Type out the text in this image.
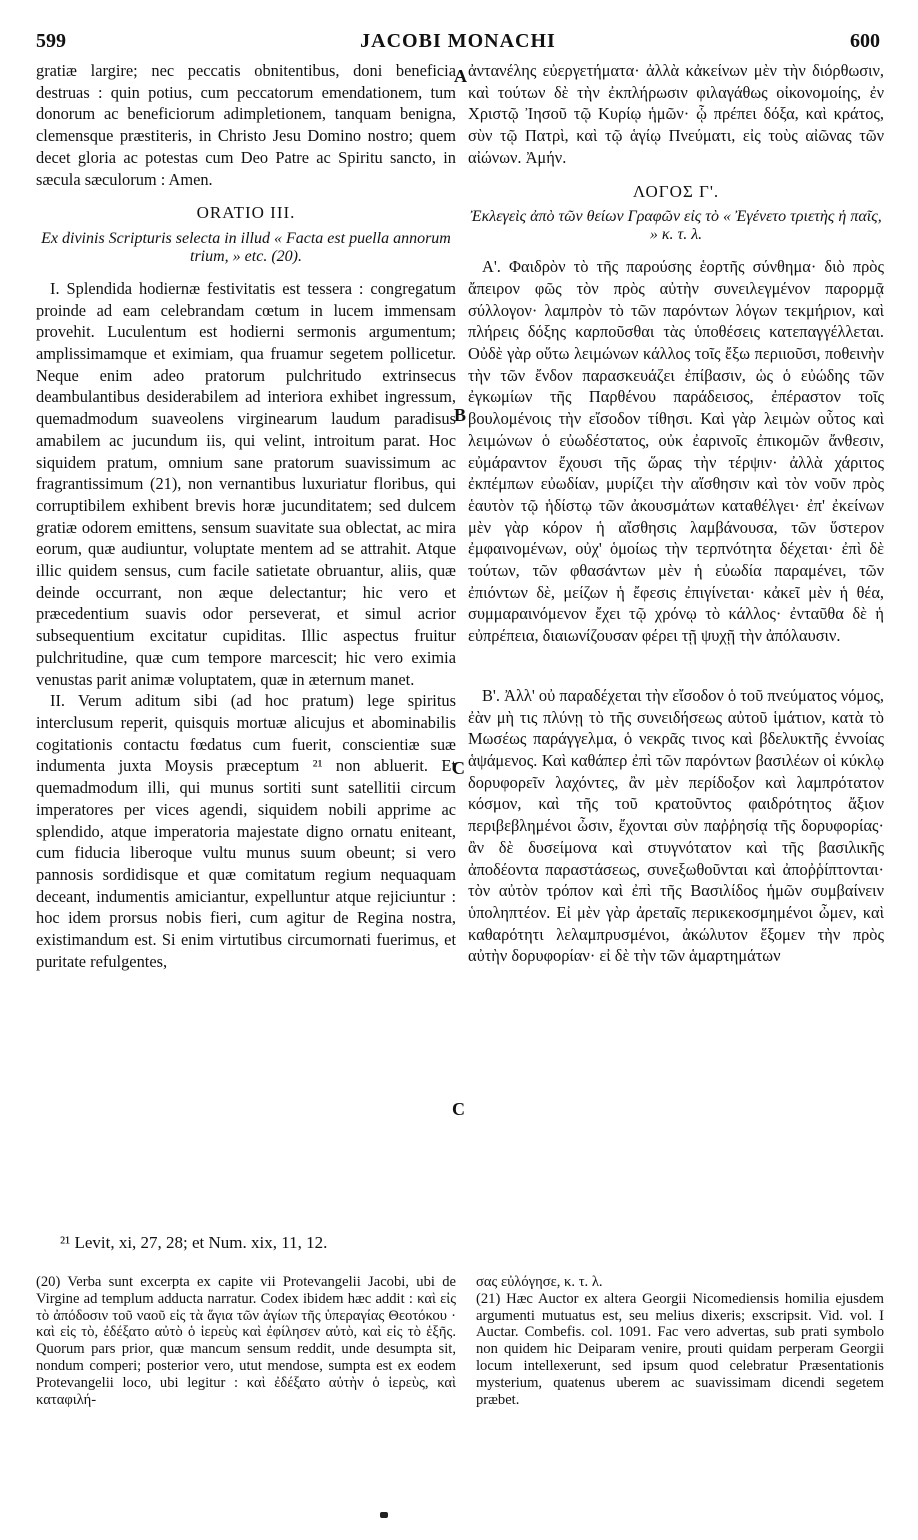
599	JACOBI MONACHI	600

gratiæ largire; nec peccatis obnitentibus, doni beneficia destruas : quin potius, cum peccatorum emendationem, tum donorum ac beneficiorum adimpletionem, tanquam benigna, clemensque præstiteris, in Christo Jesu Domino nostro; quem decet gloria ac potestas cum Deo Patre ac Spiritu sancto, in sæcula sæculorum : Amen.

ORATIO III.
Ex divinis Scripturis selecta in illud « Facta est puella annorum trium, » etc. (20).

I. Splendida hodiernæ festivitatis est tessera : congregatum proinde ad eam celebrandam cœtum in lucem immensam provehit. Luculentum est hodierni sermonis argumentum; amplissimamque et eximiam, qua fruamur segetem pollicetur. Neque enim adeo pratorum pulchritudo extrinsecus deambulantibus desiderabilem ad interiora exhibet ingressum, quemadmodum suaveolens virginearum laudum paradisus amabilem ac jucundum iis, qui velint, introitum parat. Hoc siquidem pratum, omnium sane pratorum suavissimum ac fragrantissimum (21), non vernantibus luxuriatur floribus, qui corruptibilem exhibent brevis horæ jucunditatem; sed dulcem gratiæ odorem emittens, sensum suavitate sua oblectat, ac mira eorum, quæ audiuntur, voluptate mentem ad se attrahit. Atque illic quidem sensus, cum facile satietate obruantur, aliis, quæ deinde occurrant, non æque delectantur; hic vero et præcedentium suavis odor perseverat, et simul acrior subsequentium excitatur cupiditas. Illic aspectus fruitur pulchritudine, quæ cum tempore marcescit; hic vero eximia venustas parit animæ voluptatem, quæ in æternum manet.

II. Verum aditum sibi (ad hoc pratum) lege spiritus interclusum reperit, quisquis mortuæ alicujus et abominabilis cogitationis contactu fœdatus cum fuerit, conscientiæ suæ indumenta juxta Moysis præceptum ²¹ non abluerit. Et quemadmodum illi, qui munus sortiti sunt satellitii circum imperatores per vices agendi, siquidem nobili apprime ac splendido, atque imperatoria majestate digno ornatu eniteant, cum fiducia liberoque vultu munus suum obeunt; si vero pannosis sordidisque et quæ comitatum regium nequaquam deceant, indumentis amiciantur, expelluntur atque rejiciuntur : hoc idem prorsus nobis fieri, cum agitur de Regina nostra, existimandum est. Si enim virtutibus circumornati fuerimus, et puritate refulgentes,

ἀντανέλης εὐεργετήματα· ἀλλὰ κἀκείνων μὲν τὴν διόρθωσιν, καὶ τούτων δὲ τὴν ἐκπλήρωσιν φιλαγάθως οἰκονομοίης, ἐν Χριστῷ Ἰησοῦ τῷ Κυρίῳ ἡμῶν· ᾧ πρέπει δόξα, καὶ κράτος, σὺν τῷ Πατρὶ, καὶ τῷ ἁγίῳ Πνεύματι, εἰς τοὺς αἰῶνας τῶν αἰώνων. Ἀμήν.

ΛΟΓΟΣ Γ'.
Ἐκλεγεὶς ἀπὸ τῶν θείων Γραφῶν εἰς τὸ « Ἐγένετο τριετὴς ἡ παῖς, » κ. τ. λ.

Α'. Φαιδρὸν τὸ τῆς παρούσης ἑορτῆς σύνθημα· διὸ πρὸς ἄπειρον φῶς τὸν πρὸς αὐτὴν συνειλεγμένον παρορμᾷ σύλλογον· λαμπρὸν τὸ τῶν παρόντων λόγων τεκμήριον, καὶ πλήρεις δόξης καρποῦσθαι τὰς ὑποθέσεις κατεπαγγέλλεται. Οὐδὲ γὰρ οὕτω λειμώνων κάλλος τοῖς ἔξω περιιοῦσι, ποθεινὴν τὴν τῶν ἔνδον παρασκευάζει ἐπίβασιν, ὡς ὁ εὐώδης τῶν ἐγκωμίων τῆς Παρθένου παράδεισος, ἐπέραστον τοῖς βουλομένοις τὴν εἴσοδον τίθησι. Καὶ γὰρ λειμὼν οὗτος καὶ λειμώνων ὁ εὐωδέστατος, οὐκ ἐαρινοῖς ἐπικομῶν ἄνθεσιν, εὐμάραντον ἔχουσι τῆς ὥρας τὴν τέρψιν· ἀλλὰ χάριτος ἐκπέμπων εὐωδίαν, μυρίζει τὴν αἴσθησιν καὶ τὸν νοῦν πρὸς ἑαυτὸν τῷ ἡδίστῳ τῶν ἀκουσμάτων καταθέλγει· ἐπ' ἐκείνων μὲν γὰρ κόρον ἡ αἴσθησις λαμβάνουσα, τῶν ὕστερον ἐμφαινομένων, οὐχ' ὁμοίως τὴν τερπνότητα δέχεται· ἐπὶ δὲ τούτων, τῶν φθασάντων μὲν ἡ εὐωδία παραμένει, τῶν ἐπιόντων δὲ, μείζων ἡ ἔφεσις ἐπιγίνεται· κἀκεῖ μὲν ἡ θέα, συμμαραινόμενον ἔχει τῷ χρόνῳ τὸ κάλλος· ἐνταῦθα δὲ ἡ εὐπρέπεια, διαιωνίζουσαν φέρει τῇ ψυχῇ τὴν ἀπόλαυσιν.

Β'. Ἀλλ' οὐ παραδέχεται τὴν εἴσοδον ὁ τοῦ πνεύματος νόμος, ἐὰν μὴ τις πλύνῃ τὸ τῆς συνειδήσεως αὐτοῦ ἱμάτιον, κατὰ τὸ Μωσέως παράγγελμα, ὁ νεκρᾶς τινος καὶ βδελυκτῆς ἐννοίας ἁψάμενος. Καὶ καθάπερ ἐπὶ τῶν παρόντων βασιλέων οἱ κύκλῳ δορυφορεῖν λαχόντες, ἂν μὲν περίδοξον καὶ λαμπρότατον κόσμον, καὶ τῆς τοῦ κρατοῦντος φαιδρότητος ἄξιον περιβεβλημένοι ὦσιν, ἔχονται σὺν παῤῥησίᾳ τῆς δορυφορίας· ἂν δὲ δυσείμονα καὶ στυγνότατον καὶ τῆς βασιλικῆς ἀποδέοντα παραστάσεως, συνεξωθοῦνται καὶ ἀποῤῥίπτονται· τὸν αὐτὸν τρόπον καὶ ἐπὶ τῆς Βασιλίδος ἡμῶν συμβαίνειν ὑποληπτέον. Εἰ μὲν γὰρ ἀρεταῖς περικεκοσμημένοι ὦμεν, καὶ καθαρότητι λελαμπρυσμένοι, ἀκώλυτον ἕξομεν τὴν πρὸς αὐτὴν δορυφορίαν· εἰ δὲ τὴν τῶν ἁμαρτημάτων

A
B
C
C
²¹ Levit, xi, 27, 28; et Num. xix, 11, 12.
(20) Verba sunt excerpta ex capite vii Protevangelii Jacobi, ubi de Virgine ad templum adducta narratur. Codex ibidem hæc addit : καὶ εἰς τὸ ἀπόδοσιν τοῦ ναοῦ εἰς τὰ ἅγια τῶν ἁγίων τῆς ὑπεραγίας Θεοτόκου · καὶ εἰς τὸ, ἐδέξατο αὐτὸ ὁ ἱερεὺς καὶ ἐφίλησεν αὐτὸ, καὶ εἰς τὸ ἑξῆς. Quorum pars prior, quæ mancum sensum reddit, unde desumpta sit, nondum comperi; posterior vero, utut mendose, sumpta est ex eodem Protevangelii loco, ubi legitur : καὶ ἐδέξατο αὐτὴν ὁ ἱερεὺς, καὶ καταφιλή-
σας εὐλόγησε, κ. τ. λ.
(21) Hæc Auctor ex altera Georgii Nicomediensis homilia ejusdem argumenti mutuatus est, seu melius dixeris; exscripsit. Vid. vol. I Auctar. Combefis. col. 1091. Fac vero advertas, sub prati symbolo non quidem hic Deiparam venire, prouti quidam perperam Georgii locum intellexerunt, sed ipsum quod celebratur Præsentationis mysterium, quatenus uberem ac suavissimam dicendi segetem præbet.
